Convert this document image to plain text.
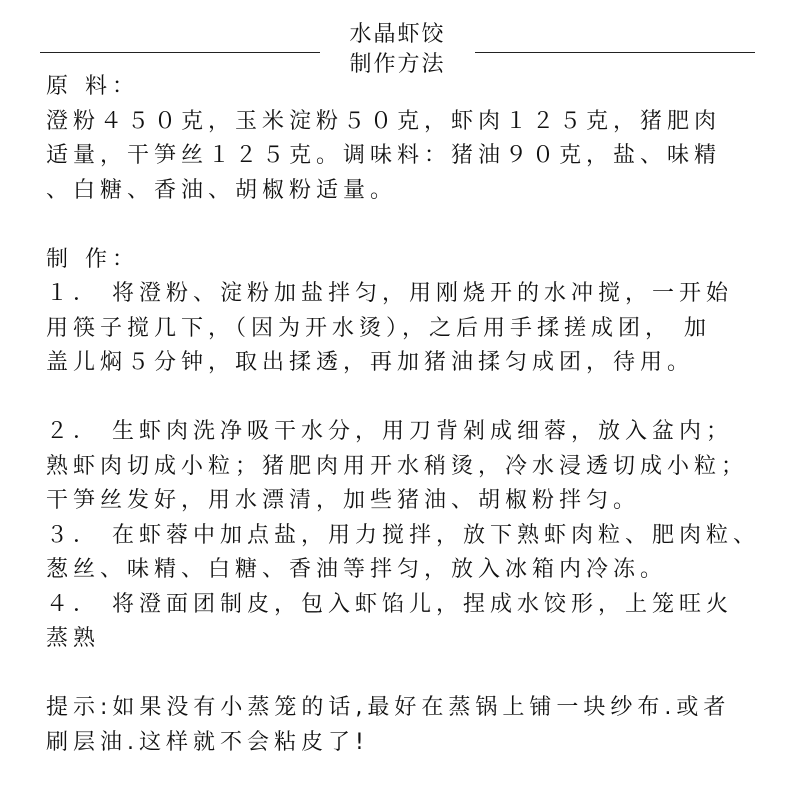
水晶虾饺
制作方法

原 料：

澄粉４５０克，玉米淀粉５０克，虾肉１２５克，猪肥肉

适量，干笋丝１２５克。调味料：猪油９０克，盐、味精

、白糖、香油、胡椒粉适量。

制 作：

１． 将澄粉、淀粉加盐拌匀，用刚烧开的水冲搅，一开始

用筷子搅几下，（因为开水烫），之后用手揉搓成团， 加

盖儿焖５分钟，取出揉透，再加猪油揉匀成团，待用。

２． 生虾肉洗净吸干水分，用刀背剁成细蓉，放入盆内；

熟虾肉切成小粒；猪肥肉用开水稍烫，冷水浸透切成小粒；

干笋丝发好，用水漂清，加些猪油、胡椒粉拌匀。

３． 在虾蓉中加点盐，用力搅拌，放下熟虾肉粒、肥肉粒、

葱丝、味精、白糖、香油等拌匀，放入冰箱内冷冻。

４． 将澄面团制皮，包入虾馅儿，捏成水饺形，上笼旺火

蒸熟

提示:如果没有小蒸笼的话,最好在蒸锅上铺一块纱布.或者

刷层油.这样就不会粘皮了!
